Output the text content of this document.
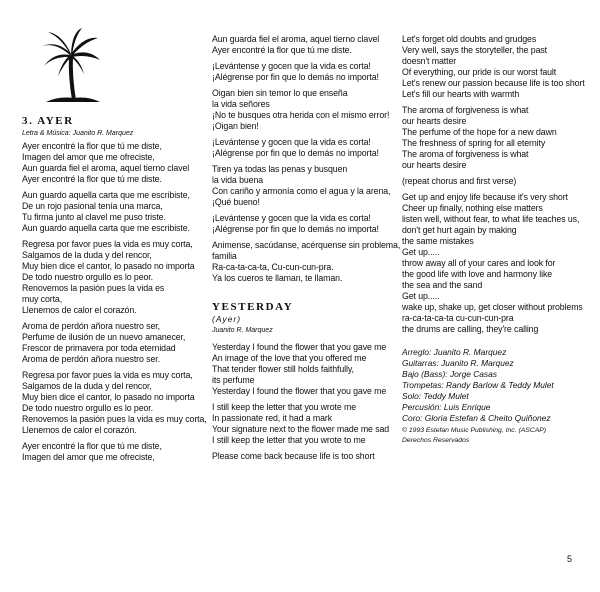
3. AYER
Letra & Música: Juanito R. Marquez
Ayer encontré la flor que tú me diste,
Imagen del amor que me ofreciste,
Aun guarda fiel el aroma, aquel tierno clavel
Ayer encontré la flor que tú me diste.
Aun guardo aquella carta que me escribiste,
De un rojo pasional tenía una marca,
Tu firma junto al clavel me puso triste.
Aun guardo aquella carta que me escribiste.
Regresa por favor pues la vida es muy corta,
Salgamos de la duda y del rencor,
Muy bien dice el cantor, lo pasado no importa
De todo nuestro orgullo es lo peor.
Renovemos la pasión pues la vida es
muy corta,
Llenemos de calor el corazón.
Aroma de perdón añora nuestro ser,
Perfume de ilusión de un nuevo amanecer,
Frescor de primavera por toda eternidad
Aroma de perdón añora nuestro ser.
Regresa por favor pues la vida es muy corta,
Salgamos de la duda y del rencor,
Muy bien dice el cantor, lo pasado no importa
De todo nuestro orgullo es lo peor.
Renovemos la pasión pues la vida es muy corta,
Llenemos de calor el corazón.
Ayer encontré la flor que tú me diste,
Imagen del amor que me ofreciste,
Aun guarda fiel el aroma, aquel tierno clavel
Ayer encontré la flor que tú me diste.
¡Levántense y gocen que la vida es corta!
¡Alégrense por fin que lo demás no importa!
Oigan bien sin temor lo que enseña
la vida señores
¡No te busques otra herida con el mismo error!
¡Oigan bien!
¡Levántense y gocen que la vida es corta!
¡Alégrense por fin que lo demás no importa!
Tiren ya todas las penas y busquen
la vida buena
Con cariño y armonía como el agua y la arena,
¡Qué bueno!
¡Levántense y gocen que la vida es corta!
¡Alégrense por fin que lo demás no importa!
Animense, sacúdanse, acérquense sin problema,
familia
Ra-ca-ta-ca-ta, Cu-cun-cun-pra.
Ya los cueros te llaman, te llaman.
YESTERDAY
(Ayer)
Juanito R. Marquez
Yesterday I found the flower that you gave me
An image of the love that you offered me
That tender flower still holds faithfully,
its perfume
Yesterday I found the flower that you gave me
I still keep the letter that you wrote me
In passionate red, it had a mark
Your signature next to the flower made me sad
I still keep the letter that you wrote to me
Please come back because life is too short
Let's forget old doubts and grudges
Very well, says the storyteller, the past
doesn't matter
Of everything, our pride is our worst fault
Let's renew our passion because life is too short
Let's fill our hearts with warmth
The aroma of forgiveness is what
our hearts desire
The perfume of the hope for a new dawn
The freshness of spring for all eternity
The aroma of forgiveness is what
our hearts desire
(repeat chorus and first verse)
Get up and enjoy life because it's very short
Cheer up finally, nothing else matters
listen well, without fear, to what life teaches us,
don't get hurt again by making
the same mistakes
Get up.....
throw away all of your cares and look for
the good life with love and harmony like
the sea and the sand
Get up.....
wake up, shake up, get closer without problems
ra-ca-ta-ca-ta cu-cun-cun-pra
the drums are calling, they're calling
Arreglo: Juanito R. Marquez
Guitarras: Juanito R. Marquez
Bajo (Bass): Jorge Casas
Trompetas: Randy Barlow & Teddy Mulet
Solo: Teddy Mulet
Percusión: Luis Enrique
Coro: Gloria Estefan & Cheito Quiñonez
© 1993 Estefan Music Publishing, Inc. (ASCAP)
Derechos Reservados
5
